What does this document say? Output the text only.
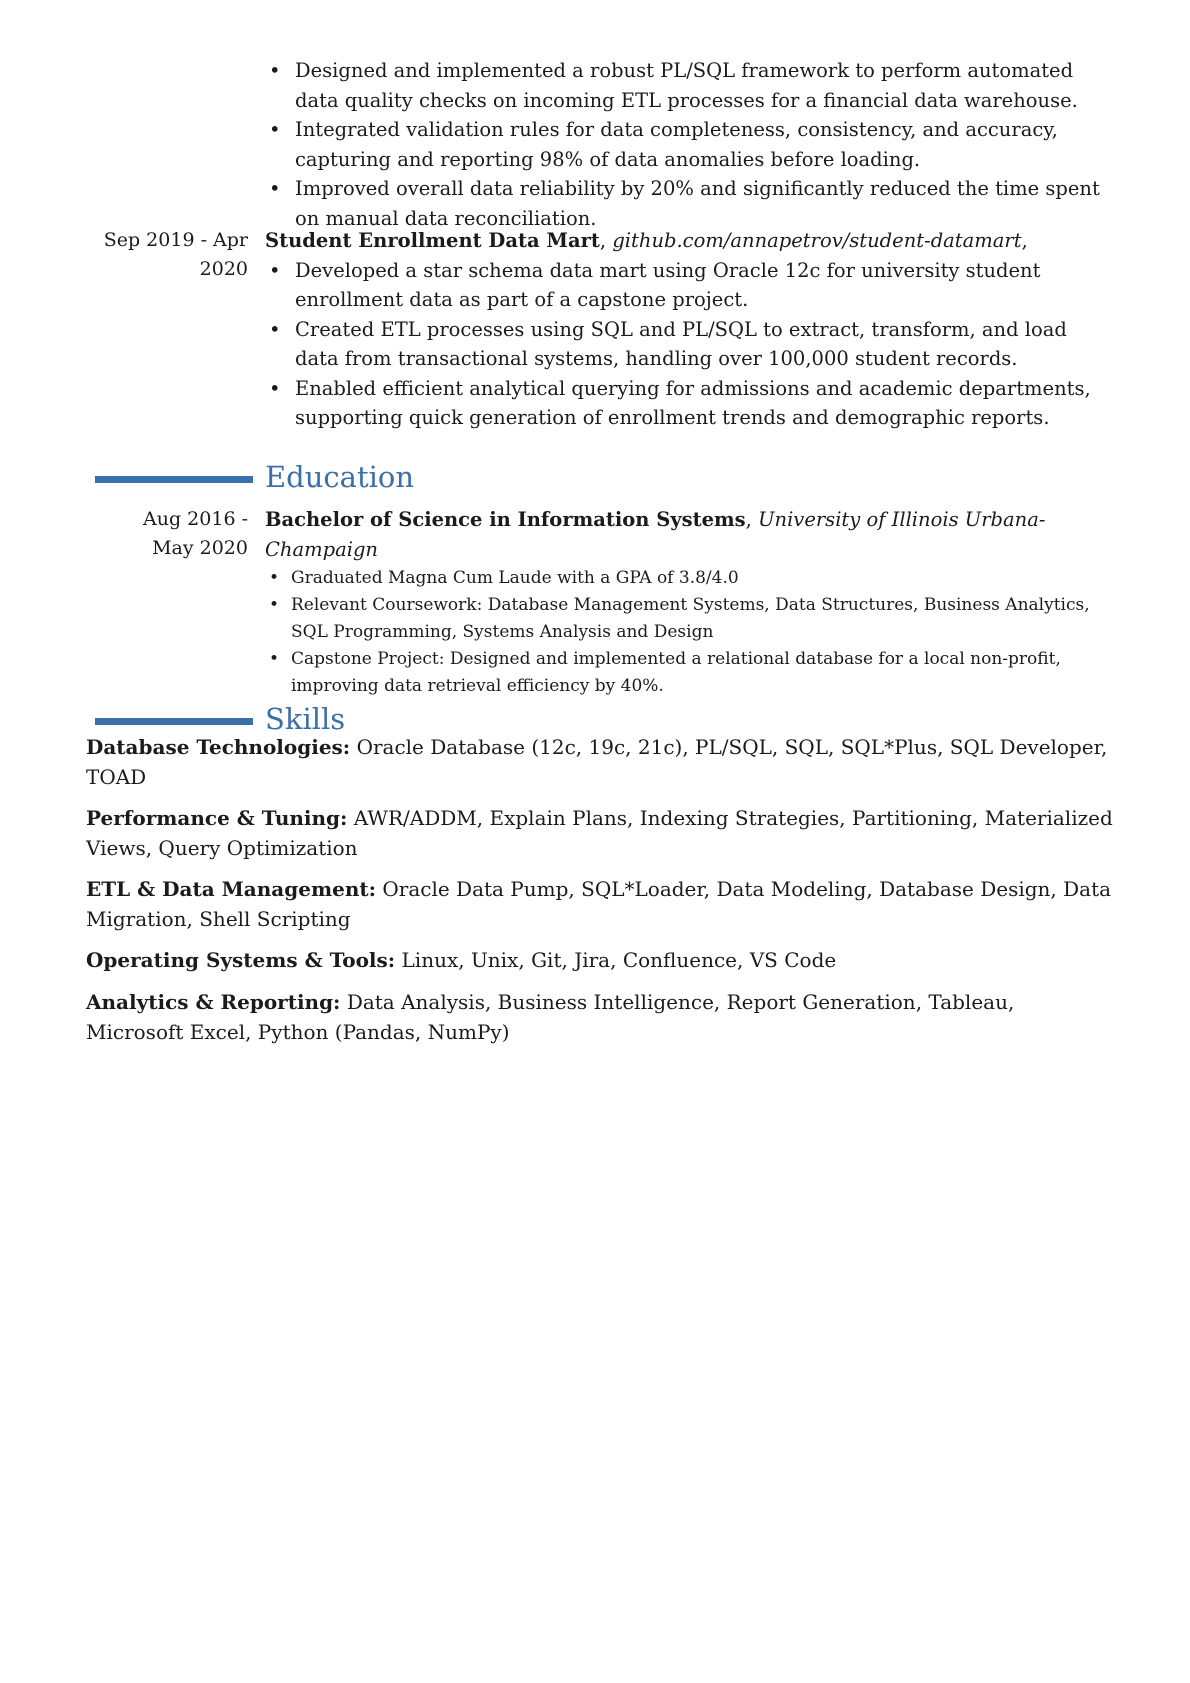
• Designed and implemented a robust PL/SQL framework to perform automated data quality checks on incoming ETL processes for a financial data warehouse.
• Integrated validation rules for data completeness, consistency, and accuracy, capturing and reporting 98% of data anomalies before loading.
• Improved overall data reliability by 20% and significantly reduced the time spent on manual data reconciliation.
Sep 2019 - Apr
2020
Student Enrollment Data Mart, github.com/annapetrov/student-datamart,
• Developed a star schema data mart using Oracle 12c for university student enrollment data as part of a capstone project.
• Created ETL processes using SQL and PL/SQL to extract, transform, and load data from transactional systems, handling over 100,000 student records.
• Enabled efficient analytical querying for admissions and academic departments, supporting quick generation of enrollment trends and demographic reports.
Education
Aug 2016 -
May 2020
Bachelor of Science in Information Systems, University of Illinois Urbana-
Champaign
• Graduated Magna Cum Laude with a GPA of 3.8/4.0
• Relevant Coursework: Database Management Systems, Data Structures, Business Analytics, SQL Programming, Systems Analysis and Design
• Capstone Project: Designed and implemented a relational database for a local non-profit, improving data retrieval efficiency by 40%.
Skills
Database Technologies: Oracle Database (12c, 19c, 21c), PL/SQL, SQL, SQL*Plus, SQL Developer, TOAD
Performance & Tuning: AWR/ADDM, Explain Plans, Indexing Strategies, Partitioning, Materialized Views, Query Optimization
ETL & Data Management: Oracle Data Pump, SQL*Loader, Data Modeling, Database Design, Data Migration, Shell Scripting
Operating Systems & Tools: Linux, Unix, Git, Jira, Confluence, VS Code
Analytics & Reporting: Data Analysis, Business Intelligence, Report Generation, Tableau, Microsoft Excel, Python (Pandas, NumPy)
